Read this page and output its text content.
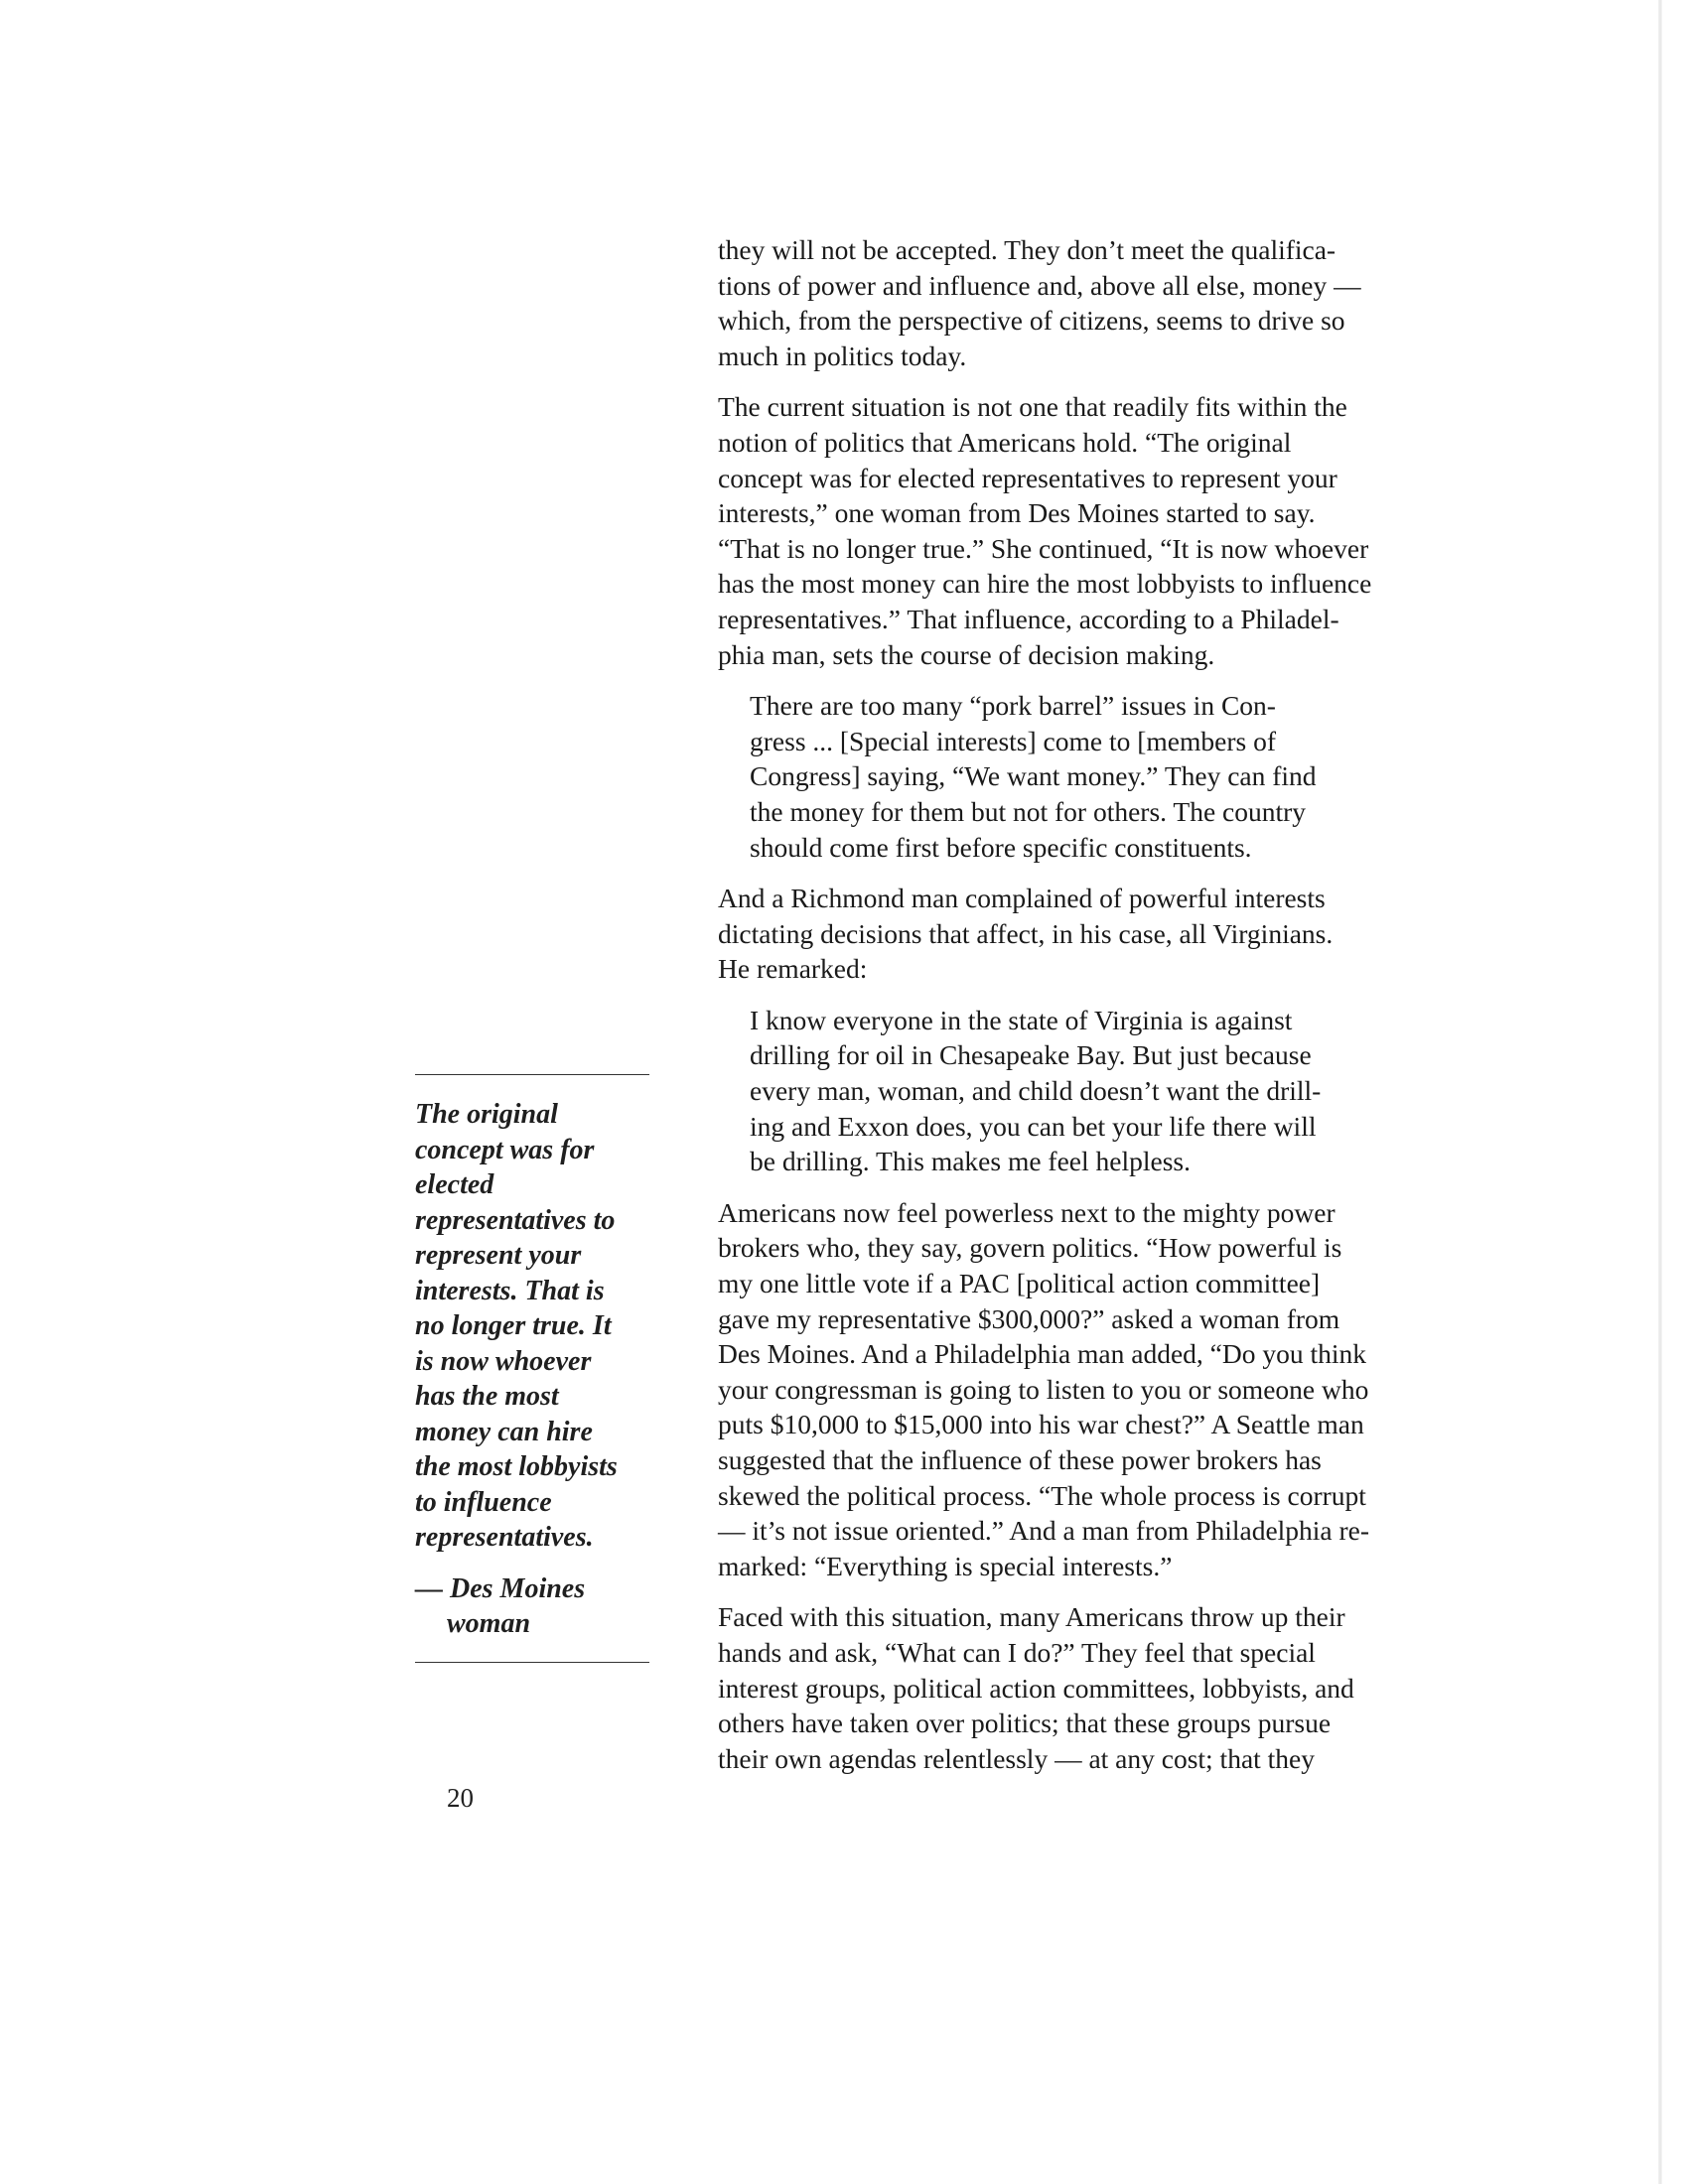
they will not be accepted. They don’t meet the qualifica-
tions of power and influence and, above all else, money —
which, from the perspective of citizens, seems to drive so
much in politics today.

The current situation is not one that readily fits within the
notion of politics that Americans hold. “The original
concept was for elected representatives to represent your
interests,” one woman from Des Moines started to say.
“That is no longer true.” She continued, “It is now whoever
has the most money can hire the most lobbyists to influence
representatives.” That influence, according to a Philadel-
phia man, sets the course of decision making.

There are too many “pork barrel” issues in Con-
gress ... [Special interests] come to [members of
Congress] saying, “We want money.” They can find
the money for them but not for others. The country
should come first before specific constituents.

And a Richmond man complained of powerful interests
dictating decisions that affect, in his case, all Virginians.
He remarked:

I know everyone in the state of Virginia is against
drilling for oil in Chesapeake Bay. But just because
every man, woman, and child doesn’t want the drill-
ing and Exxon does, you can bet your life there will
be drilling. This makes me feel helpless.

Americans now feel powerless next to the mighty power
brokers who, they say, govern politics. “How powerful is
my one little vote if a PAC [political action committee]
gave my representative $300,000?” asked a woman from
Des Moines. And a Philadelphia man added, “Do you think
your congressman is going to listen to you or someone who
puts $10,000 to $15,000 into his war chest?” A Seattle man
suggested that the influence of these power brokers has
skewed the political process. “The whole process is corrupt
— it’s not issue oriented.” And a man from Philadelphia re-
marked: “Everything is special interests.”

Faced with this situation, many Americans throw up their
hands and ask, “What can I do?” They feel that special
interest groups, political action committees, lobbyists, and
others have taken over politics; that these groups pursue
their own agendas relentlessly — at any cost; that they

The original
concept was for
elected
representatives to
represent your
interests. That is
no longer true. It
is now whoever
has the most
money can hire
the most lobbyists
to influence
representatives.

— Des Moines
woman

20
